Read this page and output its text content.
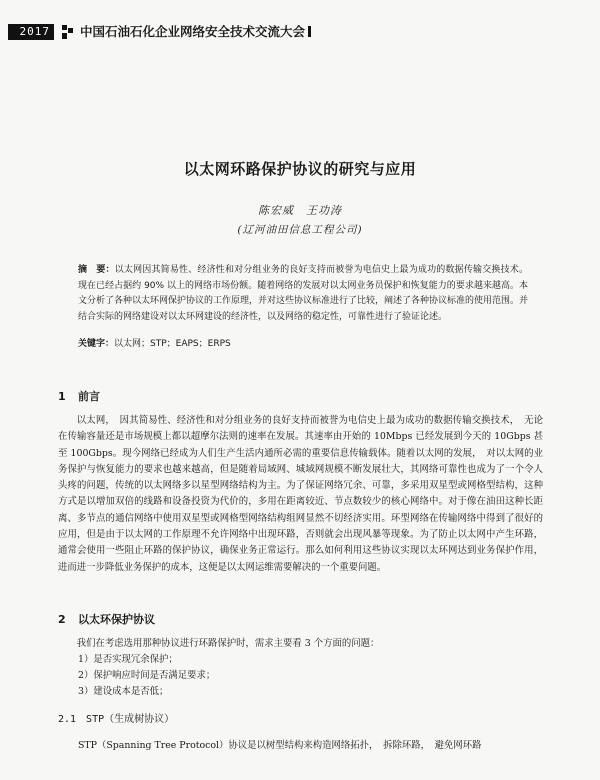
2017	中国石油石化企业网络安全技术交流大会
以太网环路保护协议的研究与应用
陈宏威　王功涛
(辽河油田信息工程公司)
摘　要：以太网因其简易性、经济性和对分组业务的良好支持而被誉为电信史上最为成功的数据传输交换技术。现在已经占据约 90% 以上的网络市场份额。随着网络的发展对以太网业务员保护和恢复能力的要求越来越高。本文分析了各种以太环网保护协议的工作原理，并对这些协议标准进行了比较，阐述了各种协议标准的使用范围。并结合实际的网络建设对以太环网建设的经济性，以及网络的稳定性，可靠性进行了验证论述。
关键字：以太网；STP；EAPS；ERPS
1 前言
以太网，　因其简易性、经济性和对分组业务的良好支持而被誉为电信史上最为成功的数据传输交换技术，　无论在传输容量还是市场规模上都以超摩尔法则的速率在发展。其速率由开始的 10Mbps 已经发展到今天的 10Gbps 甚至 100Gbps。现今网络已经成为人们生产生活内通所必需的重要信息传输载体。随着以太网的发展，　对以太网的业务保护与恢复能力的要求也越来越高，但是随着局域网、城域网规模不断发展壮大，其网络可靠性也成为了一个令人头疼的问题，传统的以太网络多以星型网络结构为主。为了保证网络冗余、可靠，多采用双星型或网格型结构，这种方式是以增加双倍的线路和设备投资为代价的，多用在距离较近、节点数较少的核心网络中。对于像在油田这种长距离、多节点的通信网络中使用双星型或网格型网络结构组网显然不切经济实用。环型网络在传输网络中得到了很好的应用，但是由于以太网的工作原理不允许网络中出现环路，否则就会出现风暴等现象。为了防止以太网中产生环路，通常会使用一些阻止环路的保护协议，确保业务正常运行。那么如何利用这些协议实现以太环网达到业务保护作用，进而进一步降低业务保护的成本，这便是以太网运维需要解决的一个重要问题。
2 以太环保护协议
我们在考虑选用那种协议进行环路保护时，需求主要看 3 个方面的问题：
1）是否实现冗余保护；
2）保护响应时间是否满足要求；
3）建设成本是否低；
2.1　STP（生成树协议）
STP（Spanning Tree Protocol）协议是以树型结构来构造网络拓扑，　拆除环路，　避免网环路
